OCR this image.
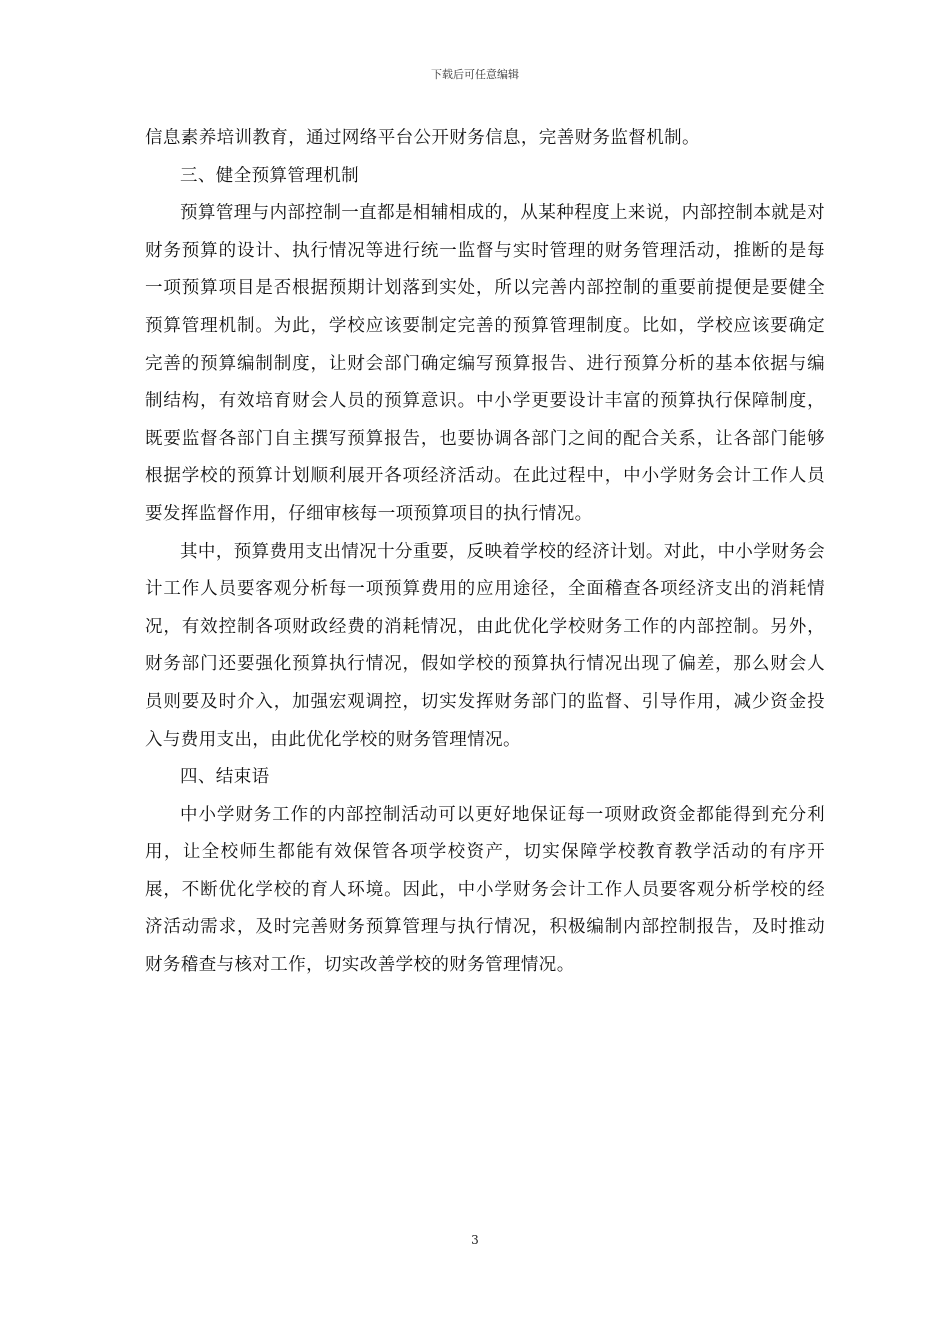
下载后可任意编辑

信息素养培训教育，通过网络平台公开财务信息，完善财务监督机制。

三、健全预算管理机制

预算管理与内部控制一直都是相辅相成的，从某种程度上来说，内部控制本就是对财务预算的设计、执行情况等进行统一监督与实时管理的财务管理活动，推断的是每一项预算项目是否根据预期计划落到实处，所以完善内部控制的重要前提便是要健全预算管理机制。为此，学校应该要制定完善的预算管理制度。比如，学校应该要确定完善的预算编制制度，让财会部门确定编写预算报告、进行预算分析的基本依据与编制结构，有效培育财会人员的预算意识。中小学更要设计丰富的预算执行保障制度，既要监督各部门自主撰写预算报告，也要协调各部门之间的配合关系，让各部门能够根据学校的预算计划顺利展开各项经济活动。在此过程中，中小学财务会计工作人员要发挥监督作用，仔细审核每一项预算项目的执行情况。

其中，预算费用支出情况十分重要，反映着学校的经济计划。对此，中小学财务会计工作人员要客观分析每一项预算费用的应用途径，全面稽查各项经济支出的消耗情况，有效控制各项财政经费的消耗情况，由此优化学校财务工作的内部控制。另外，财务部门还要强化预算执行情况，假如学校的预算执行情况出现了偏差，那么财会人员则要及时介入，加强宏观调控，切实发挥财务部门的监督、引导作用，减少资金投入与费用支出，由此优化学校的财务管理情况。

四、结束语

中小学财务工作的内部控制活动可以更好地保证每一项财政资金都能得到充分利用，让全校师生都能有效保管各项学校资产，切实保障学校教育教学活动的有序开展，不断优化学校的育人环境。因此，中小学财务会计工作人员要客观分析学校的经济活动需求，及时完善财务预算管理与执行情况，积极编制内部控制报告，及时推动财务稽查与核对工作，切实改善学校的财务管理情况。

3
